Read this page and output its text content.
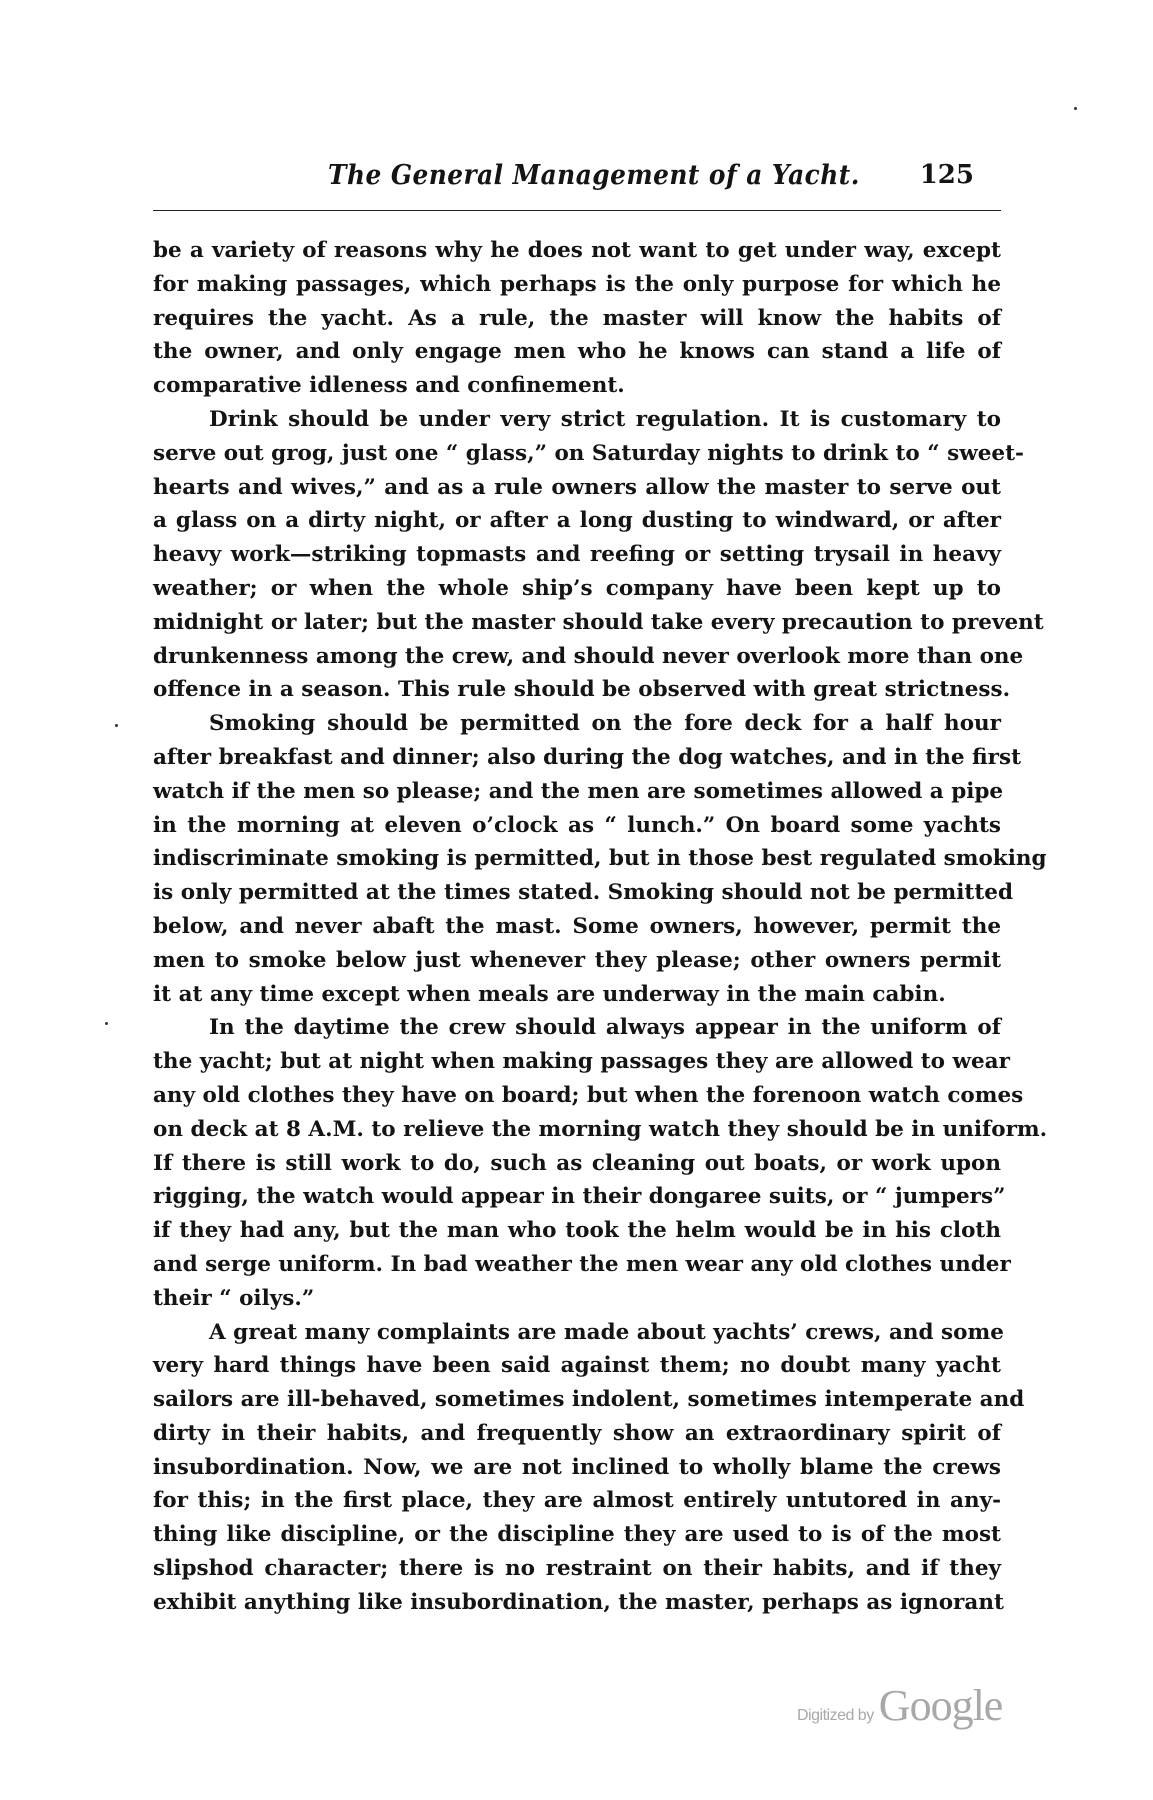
The General Management of a Yacht. 125
be a variety of reasons why he does not want to get under way, except
for making passages, which perhaps is the only purpose for which he
requires the yacht. As a rule, the master will know the habits of
the owner, and only engage men who he knows can stand a life of
comparative idleness and confinement.
Drink should be under very strict regulation. It is customary to
serve out grog, just one “ glass,” on Saturday nights to drink to “ sweet-
hearts and wives,” and as a rule owners allow the master to serve out
a glass on a dirty night, or after a long dusting to windward, or after
heavy work—striking topmasts and reefing or setting trysail in heavy
weather; or when the whole ship’s company have been kept up to
midnight or later; but the master should take every precaution to prevent
drunkenness among the crew, and should never overlook more than one
offence in a season. This rule should be observed with great strictness.
Smoking should be permitted on the fore deck for a half hour
after breakfast and dinner; also during the dog watches, and in the first
watch if the men so please; and the men are sometimes allowed a pipe
in the morning at eleven o’clock as “ lunch.” On board some yachts
indiscriminate smoking is permitted, but in those best regulated smoking
is only permitted at the times stated. Smoking should not be permitted
below, and never abaft the mast. Some owners, however, permit the
men to smoke below just whenever they please; other owners permit
it at any time except when meals are underway in the main cabin.
In the daytime the crew should always appear in the uniform of
the yacht; but at night when making passages they are allowed to wear
any old clothes they have on board; but when the forenoon watch comes
on deck at 8 A.M. to relieve the morning watch they should be in uniform.
If there is still work to do, such as cleaning out boats, or work upon
rigging, the watch would appear in their dongaree suits, or “ jumpers”
if they had any, but the man who took the helm would be in his cloth
and serge uniform. In bad weather the men wear any old clothes under
their “ oilys.”
A great many complaints are made about yachts’ crews, and some
very hard things have been said against them; no doubt many yacht
sailors are ill-behaved, sometimes indolent, sometimes intemperate and
dirty in their habits, and frequently show an extraordinary spirit of
insubordination. Now, we are not inclined to wholly blame the crews
for this; in the first place, they are almost entirely untutored in any-
thing like discipline, or the discipline they are used to is of the most
slipshod character; there is no restraint on their habits, and if they
exhibit anything like insubordination, the master, perhaps as ignorant
Digitized by Google
